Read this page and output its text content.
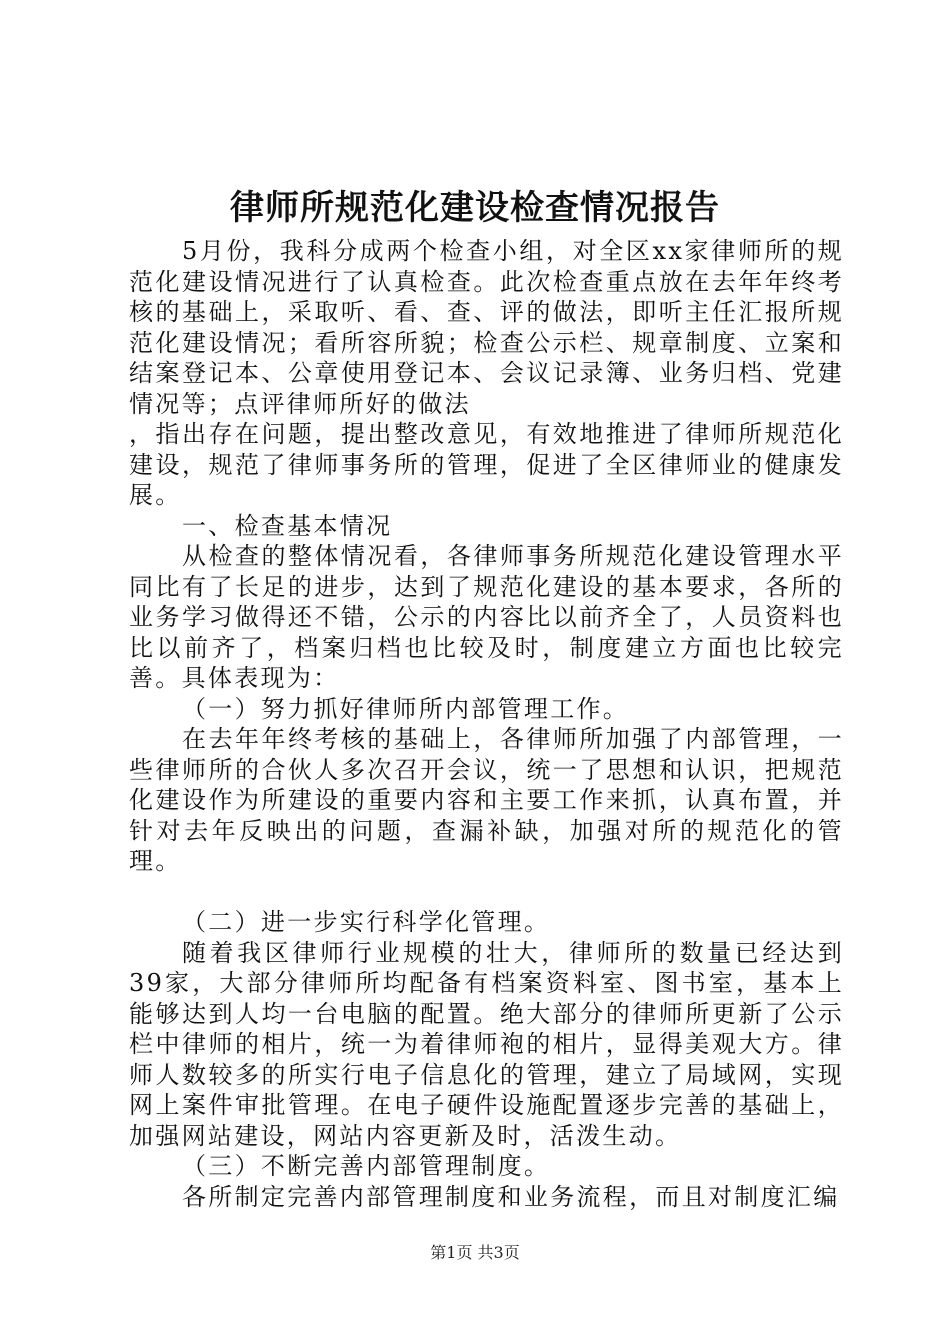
律师所规范化建设检查情况报告

5月份，我科分成两个检查小组，对全区xx家律师所的规范化建设情况进行了认真检查。此次检查重点放在去年年终考核的基础上，采取听、看、查、评的做法，即听主任汇报所规范化建设情况；看所容所貌；检查公示栏、规章制度、立案和结案登记本、公章使用登记本、会议记录簿、业务归档、党建情况等；点评律师所好的做法

，指出存在问题，提出整改意见，有效地推进了律师所规范化建设，规范了律师事务所的管理，促进了全区律师业的健康发展。

一、检查基本情况

从检查的整体情况看，各律师事务所规范化建设管理水平同比有了长足的进步，达到了规范化建设的基本要求，各所的业务学习做得还不错，公示的内容比以前齐全了，人员资料也比以前齐了，档案归档也比较及时，制度建立方面也比较完善。具体表现为：

（一）努力抓好律师所内部管理工作。

在去年年终考核的基础上，各律师所加强了内部管理，一些律师所的合伙人多次召开会议，统一了思想和认识，把规范化建设作为所建设的重要内容和主要工作来抓，认真布置，并针对去年反映出的问题，查漏补缺，加强对所的规范化的管理。

（二）进一步实行科学化管理。

随着我区律师行业规模的壮大，律师所的数量已经达到39家，大部分律师所均配备有档案资料室、图书室，基本上能够达到人均一台电脑的配置。绝大部分的律师所更新了公示栏中律师的相片，统一为着律师袍的相片，显得美观大方。律师人数较多的所实行电子信息化的管理，建立了局域网，实现网上案件审批管理。在电子硬件设施配置逐步完善的基础上，加强网站建设，网站内容更新及时，活泼生动。

（三）不断完善内部管理制度。

各所制定完善内部管理制度和业务流程，而且对制度汇编

第1页 共3页
